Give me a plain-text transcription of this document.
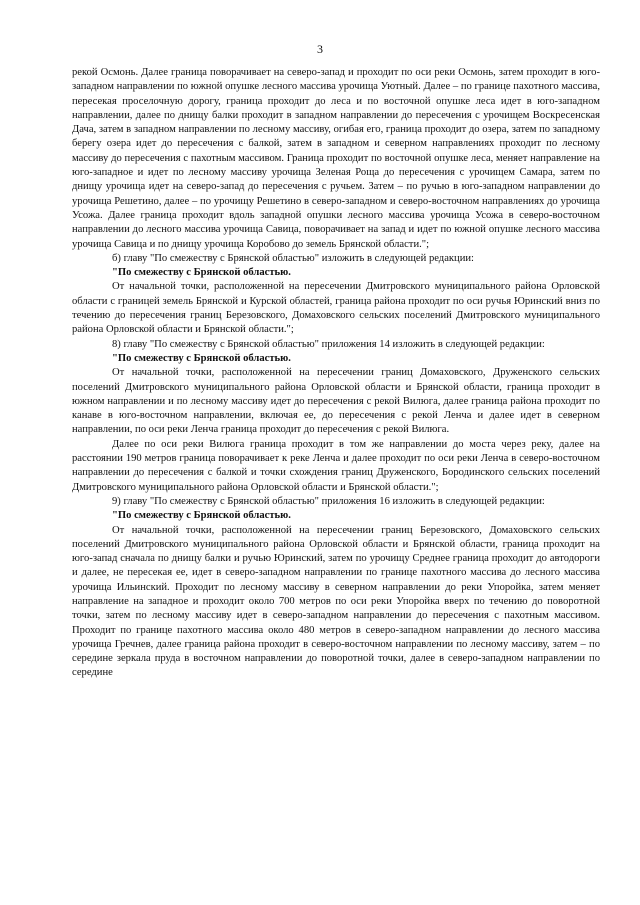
3

рекой Осмонь. Далее граница поворачивает на северо-запад и проходит по оси реки Осмонь, затем проходит в юго-западном направлении по южной опушке лесного массива урочища Уютный. Далее – по границе пахотного массива, пересекая проселочную дорогу, граница проходит до леса и по восточной опушке леса идет в юго-западном направлении, далее по днищу балки проходит в западном направлении до пересечения с урочищем Воскресенская Дача, затем в западном направлении по лесному массиву, огибая его, граница проходит до озера, затем по западному берегу озера идет до пересечения с балкой, затем в западном и северном направлениях проходит по лесному массиву до пересечения с пахотным массивом. Граница проходит по восточной опушке леса, меняет направление на юго-западное и идет по лесному массиву урочища Зеленая Роща до пересечения с урочищем Самара, затем по днищу урочища идет на северо-запад до пересечения с ручьем. Затем – по ручью в юго-западном направлении до урочища Решетино, далее – по урочищу Решетино в северо-западном и северо-восточном направлениях до урочища Усожа. Далее граница проходит вдоль западной опушки лесного массива урочища Усожа в северо-восточном направлении до лесного массива урочища Савица, поворачивает на запад и идет по южной опушке лесного массива урочища Савица и по днищу урочища Коробово до земель Брянской области.";

б) главу "По смежеству с Брянской областью" изложить в следующей редакции:

"По смежеству с Брянской областью.

От начальной точки, расположенной на пересечении Дмитровского муниципального района Орловской области с границей земель Брянской и Курской областей, граница района проходит по оси ручья Юринский вниз по течению до пересечения границ Березовского, Домаховского сельских поселений Дмитровского муниципального района Орловской области и Брянской области.";

8) главу "По смежеству с Брянской областью" приложения 14 изложить в следующей редакции:

"По смежеству с Брянской областью.

От начальной точки, расположенной на пересечении границ Домаховского, Друженского сельских поселений Дмитровского муниципального района Орловской области и Брянской области, граница проходит в южном направлении и по лесному массиву идет до пересечения с рекой Вилюга, далее граница района проходит по канаве в юго-восточном направлении, включая ее, до пересечения с рекой Ленча и далее идет в северном направлении, по оси реки Ленча граница проходит до пересечения с рекой Вилюга.

Далее по оси реки Вилюга граница проходит в том же направлении до моста через реку, далее на расстоянии 190 метров граница поворачивает к реке Ленча и далее проходит по оси реки Ленча в северо-восточном направлении до пересечения с балкой и точки схождения границ Друженского, Бородинского сельских поселений Дмитровского муниципального района Орловской области и Брянской области.";

9) главу "По смежеству с Брянской областью" приложения 16 изложить в следующей редакции:

"По смежеству с Брянской областью.

От начальной точки, расположенной на пересечении границ Березовского, Домаховского сельских поселений Дмитровского муниципального района Орловской области и Брянской области, граница проходит на юго-запад сначала по днищу балки и ручью Юринский, затем по урочищу Среднее граница проходит до автодороги и далее, не пересекая ее, идет в северо-западном направлении по границе пахотного массива до лесного массива урочища Ильинский. Проходит по лесному массиву в северном направлении до реки Упоройка, затем меняет направление на западное и проходит около 700 метров по оси реки Упоройка вверх по течению до поворотной точки, затем по лесному массиву идет в северо-западном направлении до пересечения с пахотным массивом. Проходит по границе пахотного массива около 480 метров в северо-западном направлении до лесного массива урочища Гречнев, далее граница района проходит в северо-восточном направлении по лесному массиву, затем – по середине зеркала пруда в восточном направлении до поворотной точки, далее в северо-западном направлении по середине
